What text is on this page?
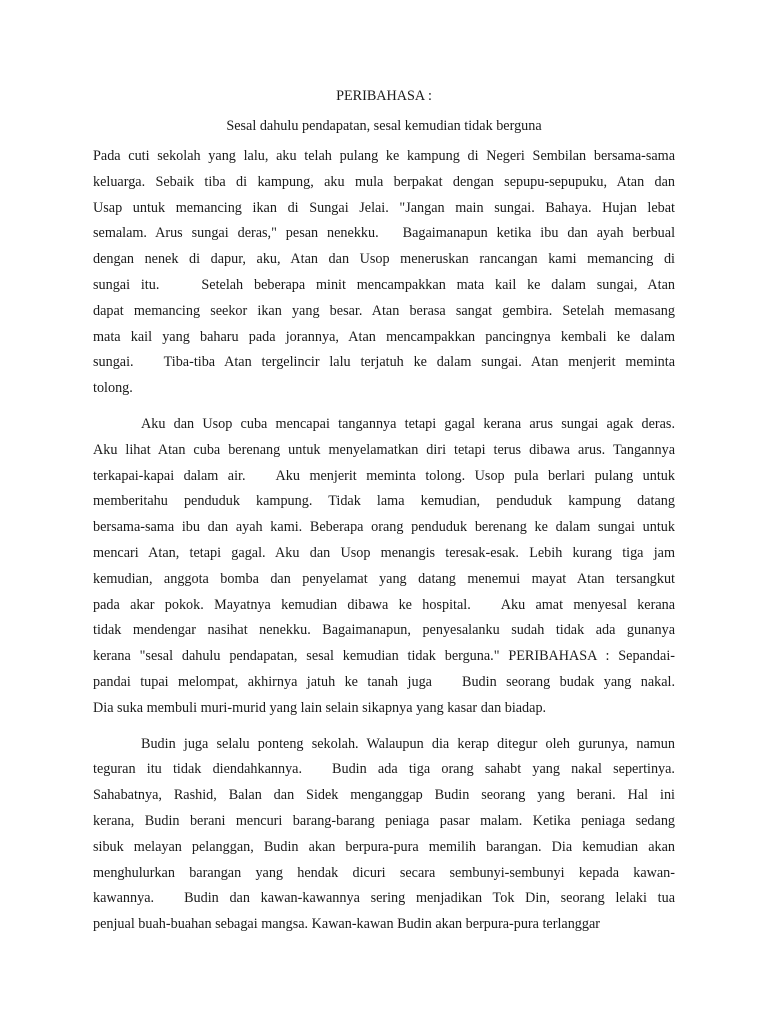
PERIBAHASA :
Sesal dahulu pendapatan, sesal kemudian tidak berguna

Pada cuti sekolah yang lalu, aku telah pulang ke kampung di Negeri Sembilan bersama-sama
keluarga. Sebaik tiba di kampung, aku mula berpakat dengan sepupu-sepupuku, Atan dan
Usap untuk memancing ikan di Sungai Jelai. "Jangan main sungai. Bahaya. Hujan lebat
semalam. Arus sungai deras," pesan nenekku. Bagaimanapun ketika ibu dan ayah berbual
dengan nenek di dapur, aku, Atan dan Usop meneruskan rancangan kami memancing di
sungai itu.	Setelah beberapa minit mencampakkan mata kail ke dalam sungai, Atan
dapat memancing seekor ikan yang besar. Atan berasa sangat gembira. Setelah memasang
mata kail yang baharu pada jorannya, Atan mencampakkan pancingnya kembali ke dalam
sungai. Tiba-tiba Atan tergelincir lalu terjatuh ke dalam sungai. Atan menjerit meminta
tolong.

Aku dan Usop cuba mencapai tangannya tetapi gagal kerana arus sungai agak deras.
Aku lihat Atan cuba berenang untuk menyelamatkan diri tetapi terus dibawa arus. Tangannya
terkapai-kapai dalam air. Aku menjerit meminta tolong. Usop pula berlari pulang untuk
memberitahu penduduk kampung. Tidak lama kemudian, penduduk kampung datang
bersama-sama ibu dan ayah kami. Beberapa orang penduduk berenang ke dalam sungai untuk
mencari Atan, tetapi gagal. Aku dan Usop menangis teresak-esak. Lebih kurang tiga jam
kemudian, anggota bomba dan penyelamat yang datang menemui mayat Atan tersangkut
pada akar pokok. Mayatnya kemudian dibawa ke hospital. Aku amat menyesal kerana
tidak mendengar nasihat nenekku. Bagaimanapun, penyesalanku sudah tidak ada gunanya
kerana "sesal dahulu pendapatan, sesal kemudian tidak berguna." PERIBAHASA : Sepandai-
pandai tupai melompat, akhirnya jatuh ke tanah juga Budin seorang budak yang nakal.
Dia suka membuli muri-murid yang lain selain sikapnya yang kasar dan biadap.

Budin juga selalu ponteng sekolah. Walaupun dia kerap ditegur oleh gurunya, namun
teguran itu tidak diendahkannya. Budin ada tiga orang sahabt yang nakal sepertinya.
Sahabatnya, Rashid, Balan dan Sidek menganggap Budin seorang yang berani. Hal ini
kerana, Budin berani mencuri barang-barang peniaga pasar malam. Ketika peniaga sedang
sibuk melayan pelanggan, Budin akan berpura-pura memilih barangan. Dia kemudian akan
menghulurkan barangan yang hendak dicuri secara sembunyi-sembunyi kepada kawan-
kawannya. Budin dan kawan-kawannya sering menjadikan Tok Din, seorang lelaki tua
penjual buah-buahan sebagai mangsa. Kawan-kawan Budin akan berpura-pura terlanggar
